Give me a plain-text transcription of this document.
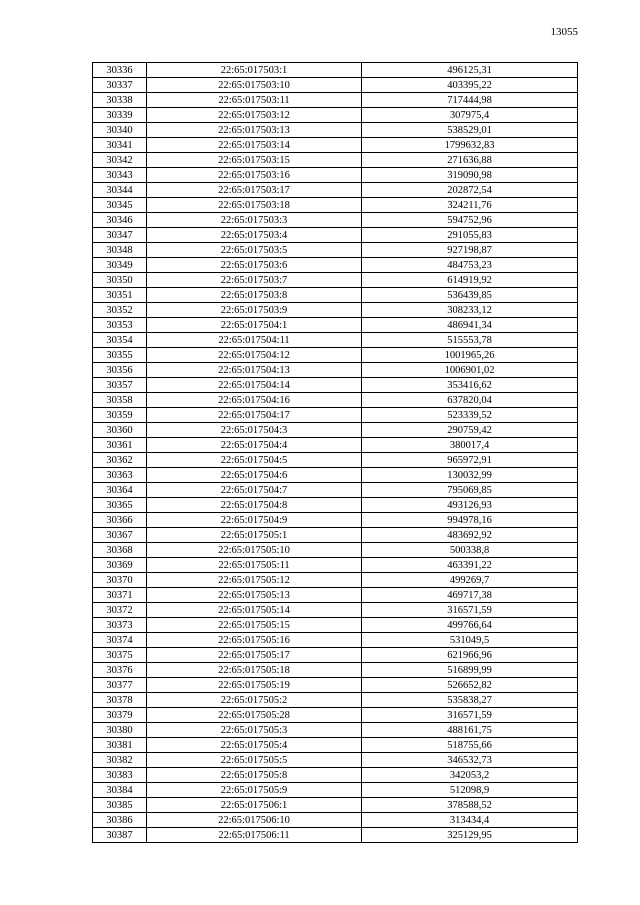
13055
30336	22:65:017503:1	496125,31
30337	22:65:017503:10	403395,22
30338	22:65:017503:11	717444,98
30339	22:65:017503:12	307975,4
30340	22:65:017503:13	538529,01
30341	22:65:017503:14	1799632,83
30342	22:65:017503:15	271636,88
30343	22:65:017503:16	319090,98
30344	22:65:017503:17	202872,54
30345	22:65:017503:18	324211,76
30346	22:65:017503:3	594752,96
30347	22:65:017503:4	291055,83
30348	22:65:017503:5	927198,87
30349	22:65:017503:6	484753,23
30350	22:65:017503:7	614919,92
30351	22:65:017503:8	536439,85
30352	22:65:017503:9	308233,12
30353	22:65:017504:1	486941,34
30354	22:65:017504:11	515553,78
30355	22:65:017504:12	1001965,26
30356	22:65:017504:13	1006901,02
30357	22:65:017504:14	353416,62
30358	22:65:017504:16	637820,04
30359	22:65:017504:17	523339,52
30360	22:65:017504:3	290759,42
30361	22:65:017504:4	380017,4
30362	22:65:017504:5	965972,91
30363	22:65:017504:6	130032,99
30364	22:65:017504:7	795069,85
30365	22:65:017504:8	493126,93
30366	22:65:017504:9	994978,16
30367	22:65:017505:1	483692,92
30368	22:65:017505:10	500338,8
30369	22:65:017505:11	463391,22
30370	22:65:017505:12	499269,7
30371	22:65:017505:13	469717,38
30372	22:65:017505:14	316571,59
30373	22:65:017505:15	499766,64
30374	22:65:017505:16	531049,5
30375	22:65:017505:17	621966,96
30376	22:65:017505:18	516899,99
30377	22:65:017505:19	526652,82
30378	22:65:017505:2	535838,27
30379	22:65:017505:28	316571,59
30380	22:65:017505:3	488161,75
30381	22:65:017505:4	518755,66
30382	22:65:017505:5	346532,73
30383	22:65:017505:8	342053,2
30384	22:65:017505:9	512098,9
30385	22:65:017506:1	378588,52
30386	22:65:017506:10	313434,4
30387	22:65:017506:11	325129,95
